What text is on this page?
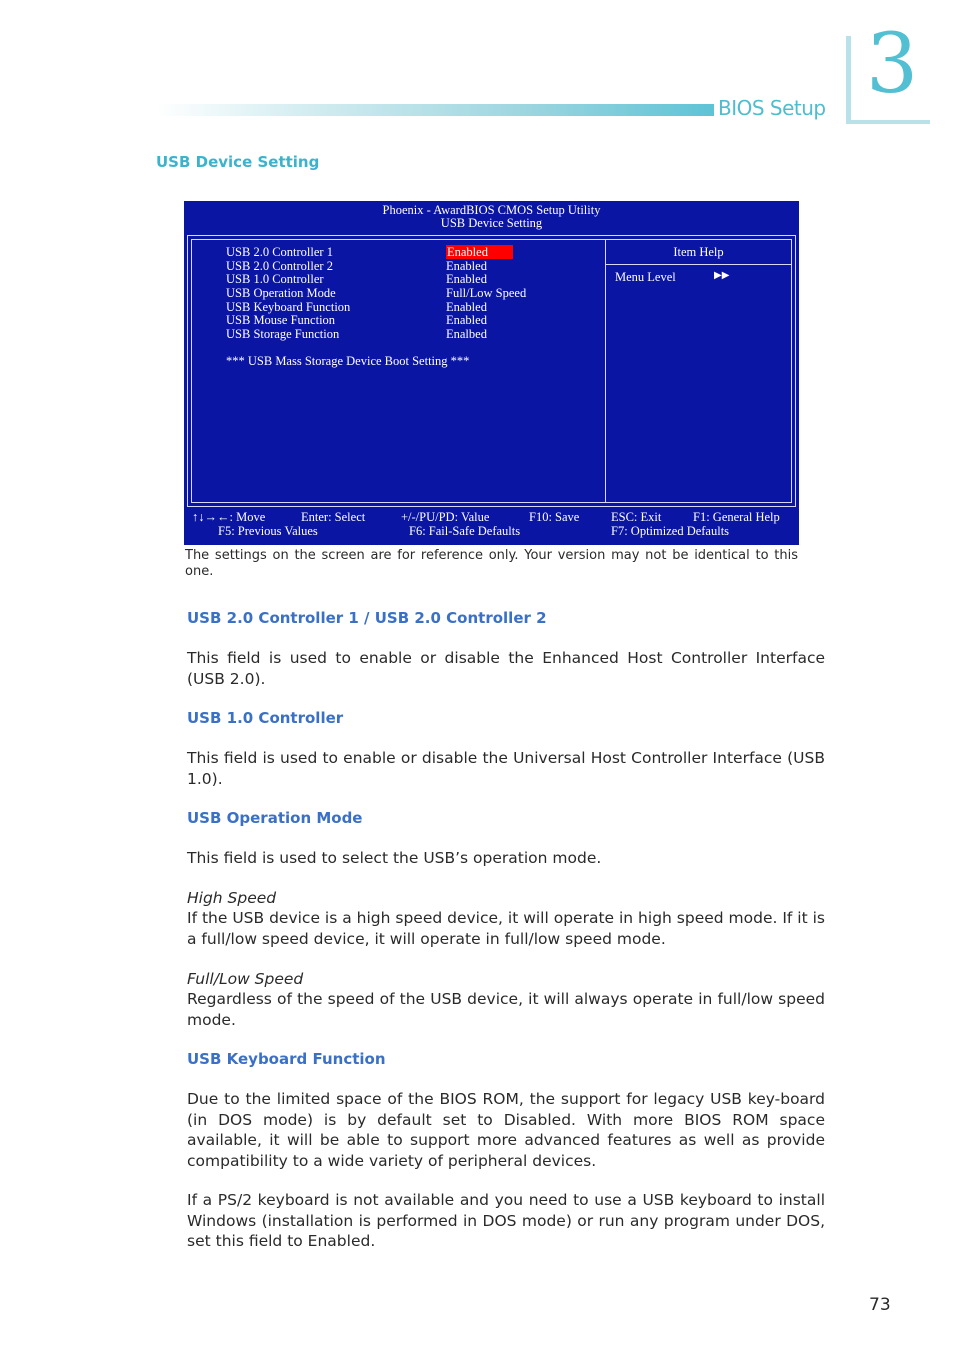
BIOS Setup 3
USB Device Setting
Phoenix - AwardBIOS CMOS Setup Utility
USB Device Setting
Item Help
Menu Level	▶▶
USB 2.0 Controller 1	Enabled
USB 2.0 Controller 2	Enabled
USB 1.0 Controller	Enabled
USB Operation Mode	Full/Low Speed
USB Keyboard Function	Enabled
USB Mouse Function	Enabled
USB Storage Function	Enalbed
*** USB Mass Storage Device Boot Setting ***
↑↓→←: Move	Enter: Select	+/-/PU/PD: Value	F10: Save	ESC: Exit	F1: General Help
F5: Previous Values	F6: Fail-Safe Defaults	F7: Optimized Defaults
The settings on the screen are for reference only. Your version may not be identical to this one.
USB 2.0 Controller 1 / USB 2.0 Controller 2
This field is used to enable or disable the Enhanced Host Controller Interface (USB 2.0).
USB 1.0 Controller
This field is used to enable or disable the Universal Host Controller Interface (USB 1.0).
USB Operation Mode
This field is used to select the USB’s operation mode.
High Speed
If the USB device is a high speed device, it will operate in high speed mode. If it is a full/low speed device, it will operate in full/low speed mode.
Full/Low Speed
Regardless of the speed of the USB device, it will always operate in full/low speed mode.
USB Keyboard Function
Due to the limited space of the BIOS ROM, the support for legacy USB key-board (in DOS mode) is by default set to Disabled. With more BIOS ROM space available, it will be able to support more advanced features as well as provide compatibility to a wide variety of peripheral devices.
If a PS/2 keyboard is not available and you need to use a USB keyboard to install Windows (installation is performed in DOS mode) or run any program under DOS, set this field to Enabled.
73
